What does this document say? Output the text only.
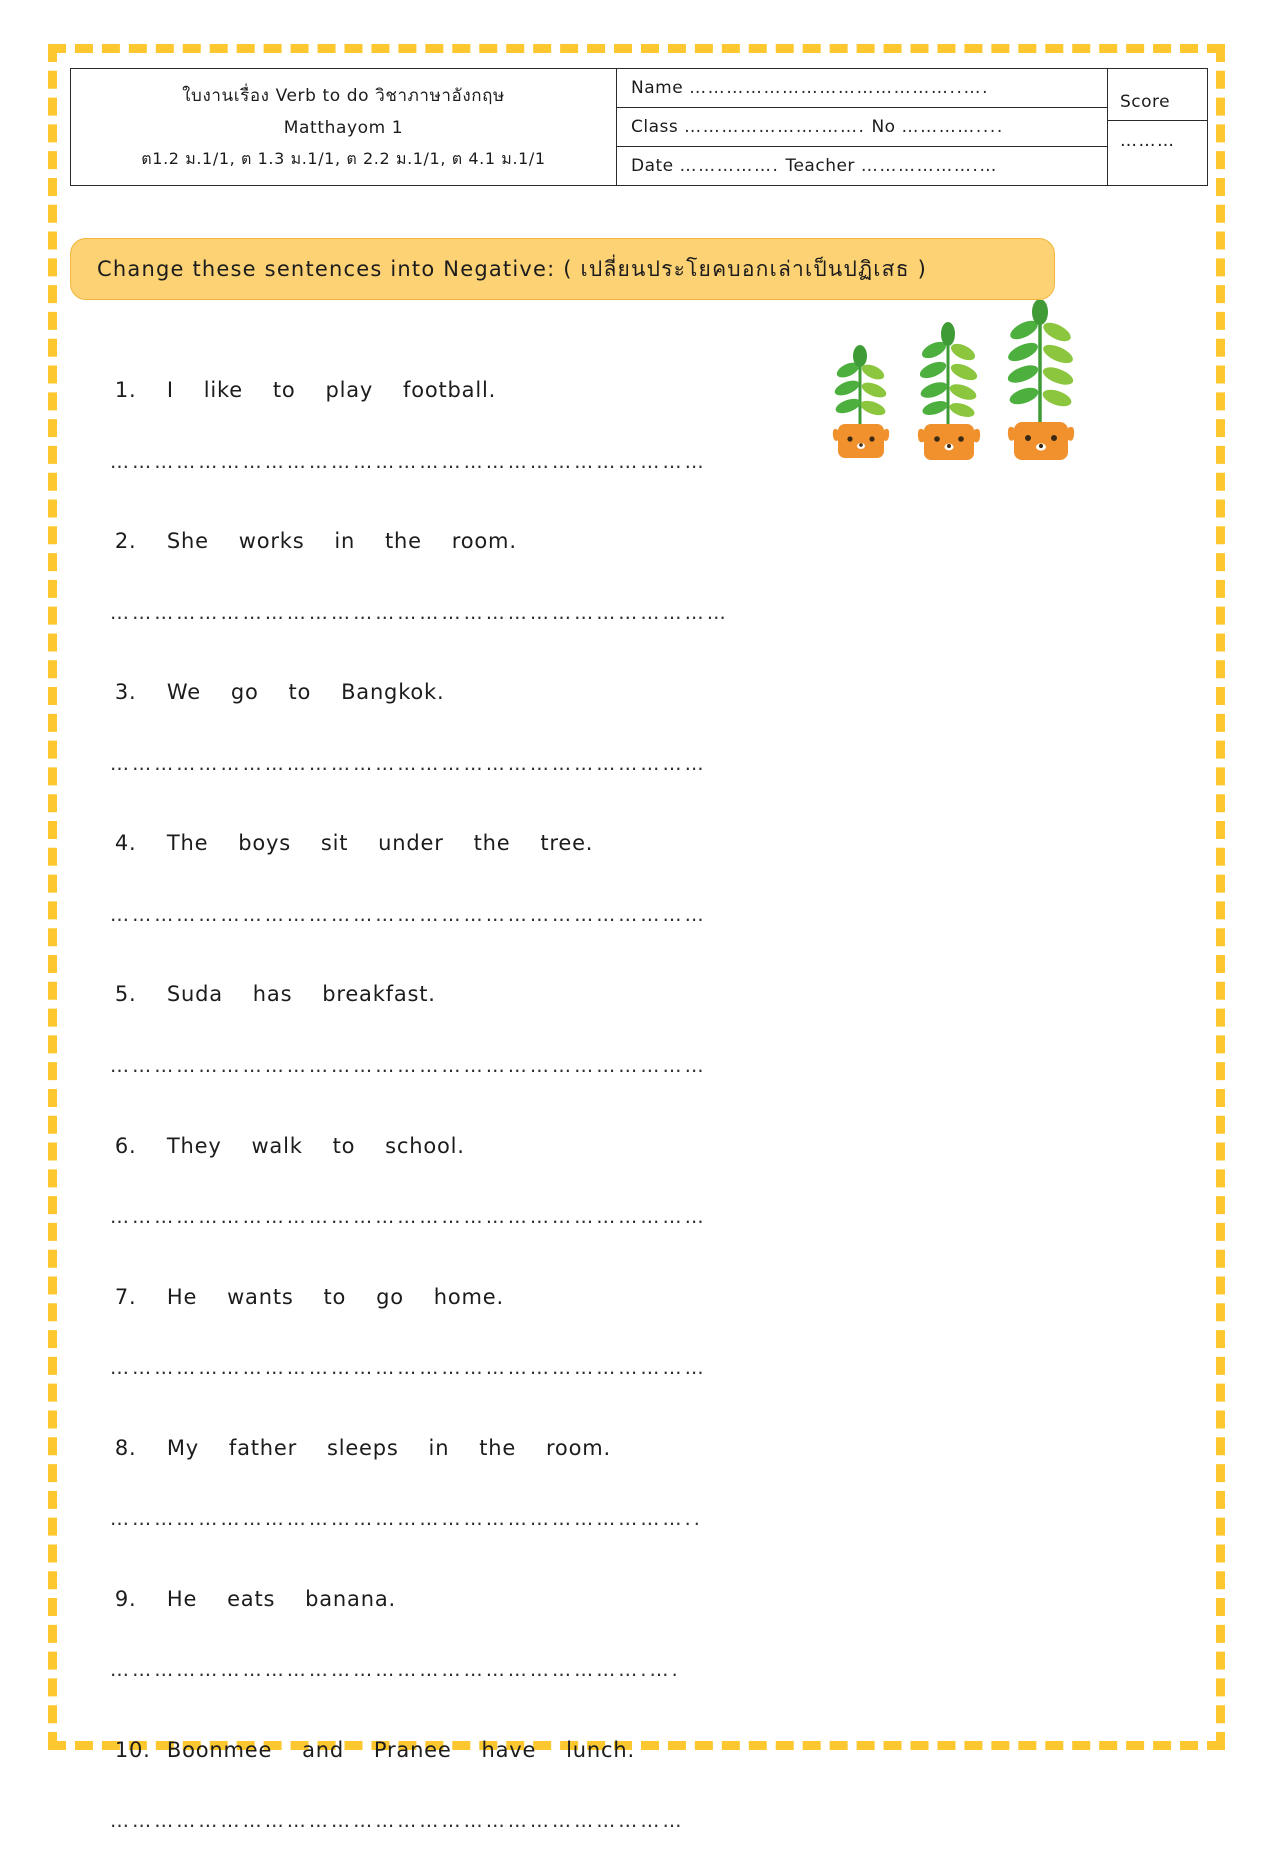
ใบงานเรื่อง Verb to do วิชาภาษาอังกฤษ
Matthayom 1
ต1.2 ม.1/1, ต 1.3 ม.1/1, ต 2.2 ม.1/1, ต 4.1 ม.1/1

Name ……………………………………..….
Class ………………….……. No …………....
Date ……………. Teacher ……………….…

Score
………
Change these sentences into Negative: ( เปลี่ยนประโยคบอกเล่าเป็นปฏิเสธ )

1. I    like    to    play    football.

………………………………………………………………………

2. She    works    in    the    room.

…………………………………………………………………………

3. We    go    to    Bangkok.

………………………………………………………………………

4. The    boys    sit    under    the    tree.

………………………………………………………………………

5. Suda    has    breakfast.

………………………………………………………………………

6. They    walk    to    school.

………………………………………………………………………

7. He    wants    to    go    home.

………………………………………………………………………

8. My    father    sleeps    in    the    room.

……………………………………………………………………..

9. He    eats    banana.

……………………………………………………………….….

10. Boonmee    and    Pranee    have    lunch.

……………………………………………………………………
